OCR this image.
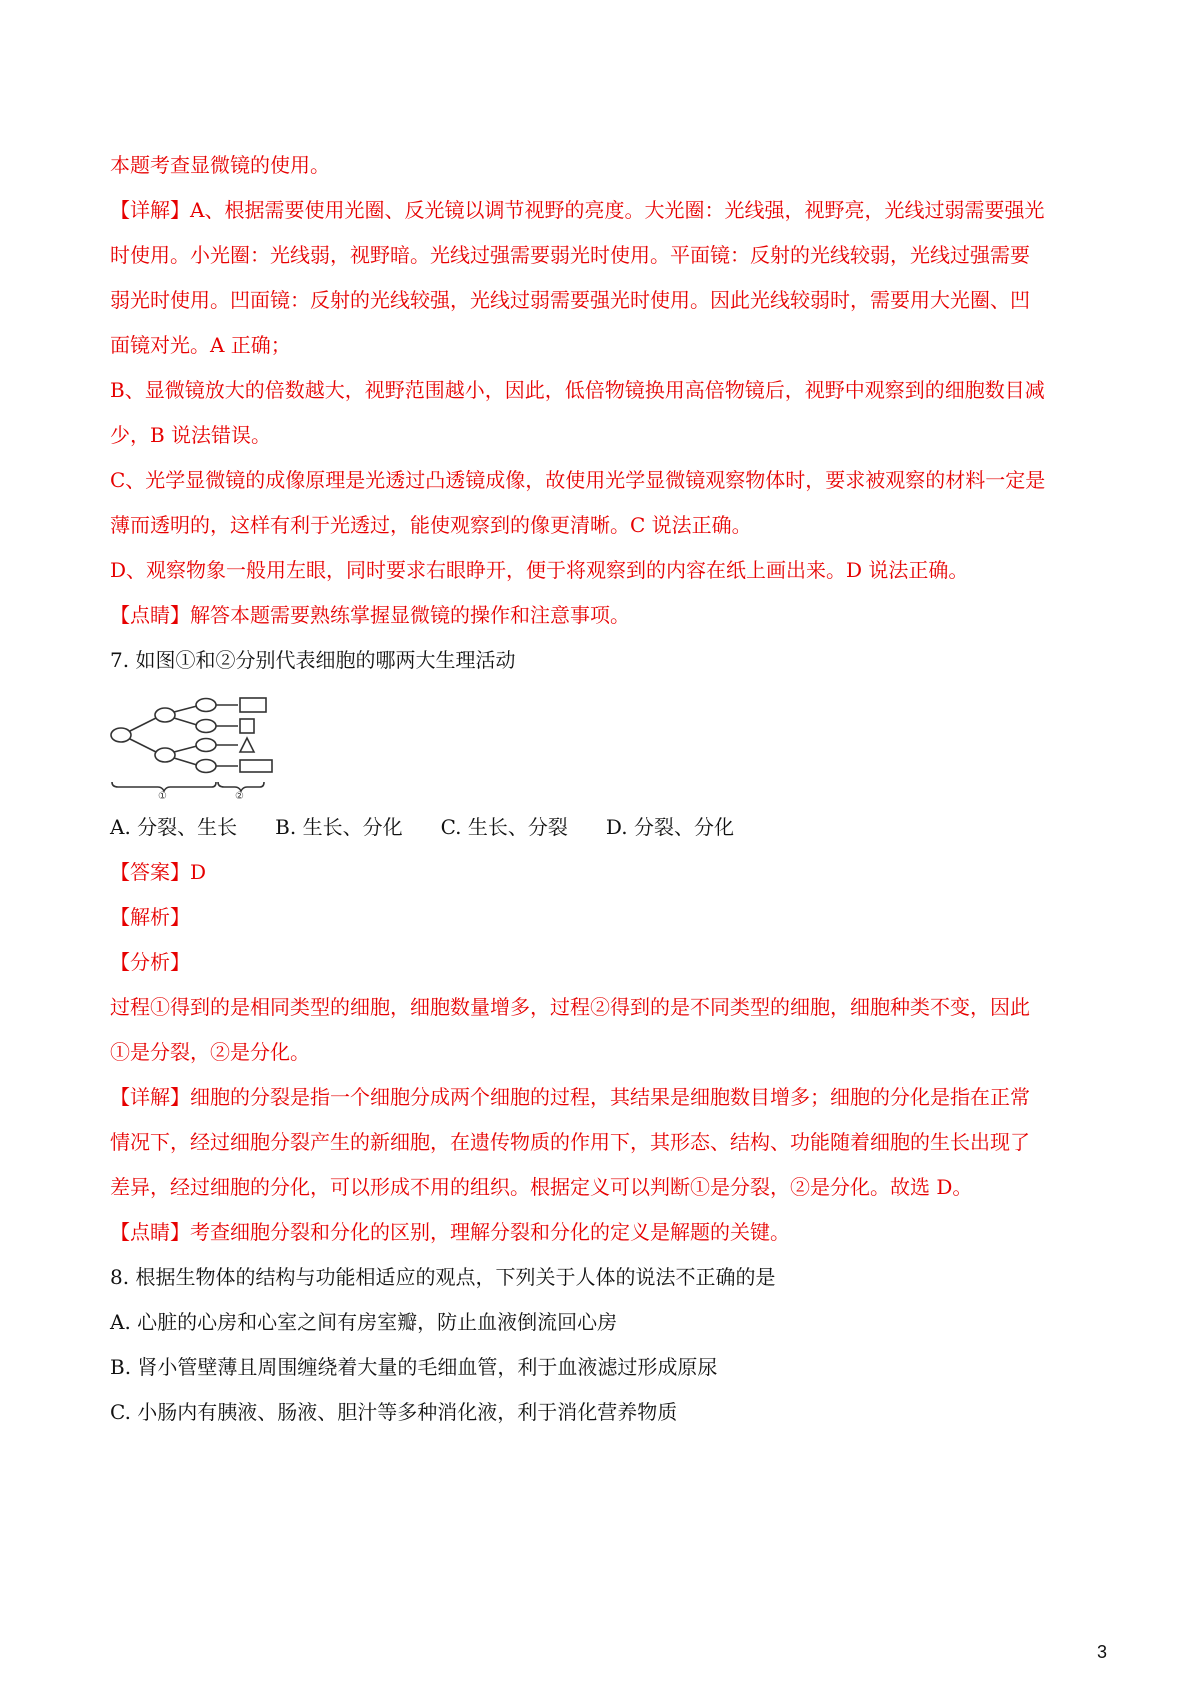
本题考查显微镜的使用。

【详解】A、根据需要使用光圈、反光镜以调节视野的亮度。大光圈：光线强，视野亮，光线过弱需要强光

时使用。小光圈：光线弱，视野暗。光线过强需要弱光时使用。平面镜：反射的光线较弱，光线过强需要

弱光时使用。凹面镜：反射的光线较强，光线过弱需要强光时使用。因此光线较弱时，需要用大光圈、凹

面镜对光。A 正确；

B、显微镜放大的倍数越大，视野范围越小，因此，低倍物镜换用高倍物镜后，视野中观察到的细胞数目减

少，B 说法错误。

C、光学显微镜的成像原理是光透过凸透镜成像，故使用光学显微镜观察物体时，要求被观察的材料一定是

薄而透明的，这样有利于光透过，能使观察到的像更清晰。C 说法正确。

D、观察物象一般用左眼，同时要求右眼睁开，便于将观察到的内容在纸上画出来。D 说法正确。

【点睛】解答本题需要熟练掌握显微镜的操作和注意事项。

7. 如图①和②分别代表细胞的哪两大生理活动

①	②
A. 分裂、生长 B. 生长、分化 C. 生长、分裂 D. 分裂、分化

【答案】D

【解析】

【分析】

过程①得到的是相同类型的细胞，细胞数量增多，过程②得到的是不同类型的细胞，细胞种类不变，因此

①是分裂，②是分化。

【详解】细胞的分裂是指一个细胞分成两个细胞的过程，其结果是细胞数目增多；细胞的分化是指在正常

情况下，经过细胞分裂产生的新细胞，在遗传物质的作用下，其形态、结构、功能随着细胞的生长出现了

差异，经过细胞的分化，可以形成不用的组织。根据定义可以判断①是分裂，②是分化。故选 D。

【点睛】考查细胞分裂和分化的区别，理解分裂和分化的定义是解题的关键。

8. 根据生物体的结构与功能相适应的观点，下列关于人体的说法不正确的是

A. 心脏的心房和心室之间有房室瓣，防止血液倒流回心房

B. 肾小管壁薄且周围缠绕着大量的毛细血管，利于血液滤过形成原尿

C. 小肠内有胰液、肠液、胆汁等多种消化液，利于消化营养物质

3
